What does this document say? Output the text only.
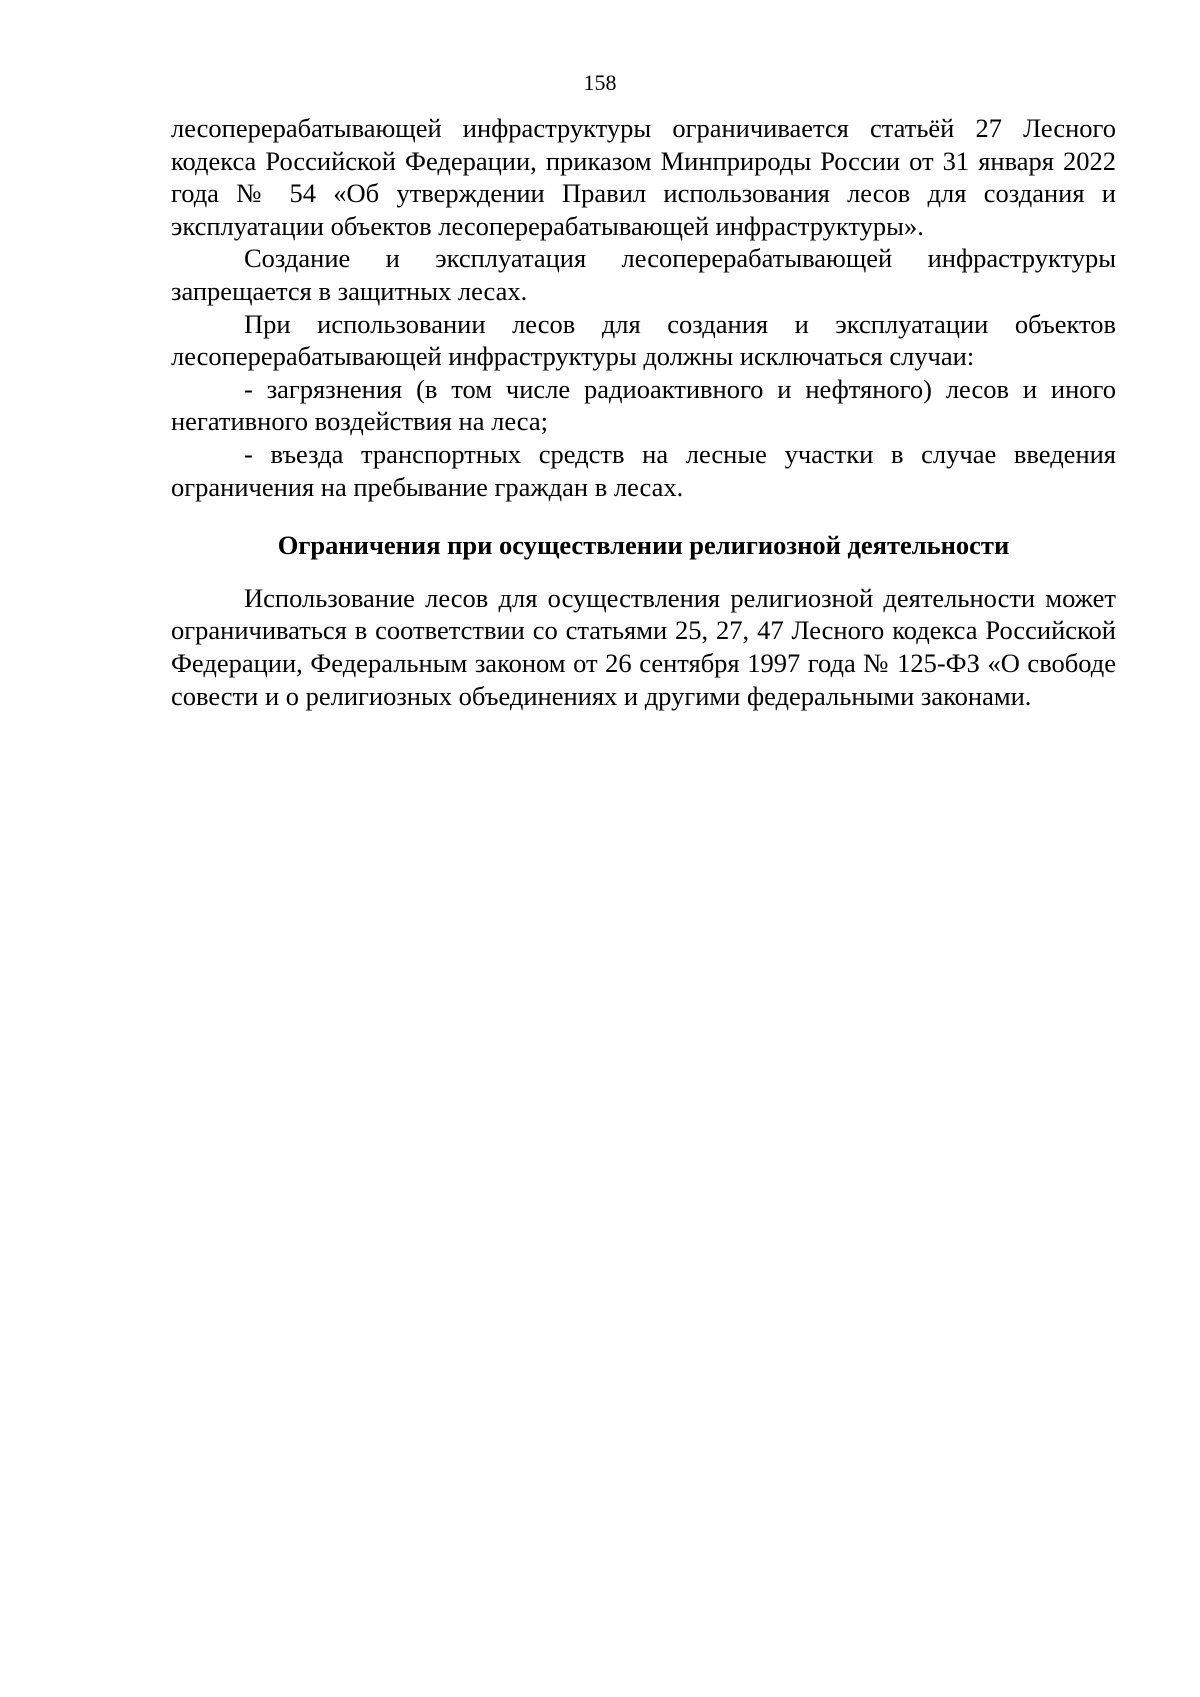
158

лесоперерабатывающей инфраструктуры ограничивается статьёй 27 Лесного кодекса Российской Федерации, приказом Минприроды России от 31 января 2022 года № 54 «Об утверждении Правил использования лесов для создания и эксплуатации объектов лесоперерабатывающей инфраструктуры».

Создание и эксплуатация лесоперерабатывающей инфраструктуры запрещается в защитных лесах.

При использовании лесов для создания и эксплуатации объектов лесоперерабатывающей инфраструктуры должны исключаться случаи:

- загрязнения (в том числе радиоактивного и нефтяного) лесов и иного негативного воздействия на леса;

- въезда транспортных средств на лесные участки в случае введения ограничения на пребывание граждан в лесах.

Ограничения при осуществлении религиозной деятельности

Использование лесов для осуществления религиозной деятельности может ограничиваться в соответствии со статьями 25, 27, 47 Лесного кодекса Российской Федерации, Федеральным законом от 26 сентября 1997 года № 125-ФЗ «О свободе совести и о религиозных объединениях и другими федеральными законами.
